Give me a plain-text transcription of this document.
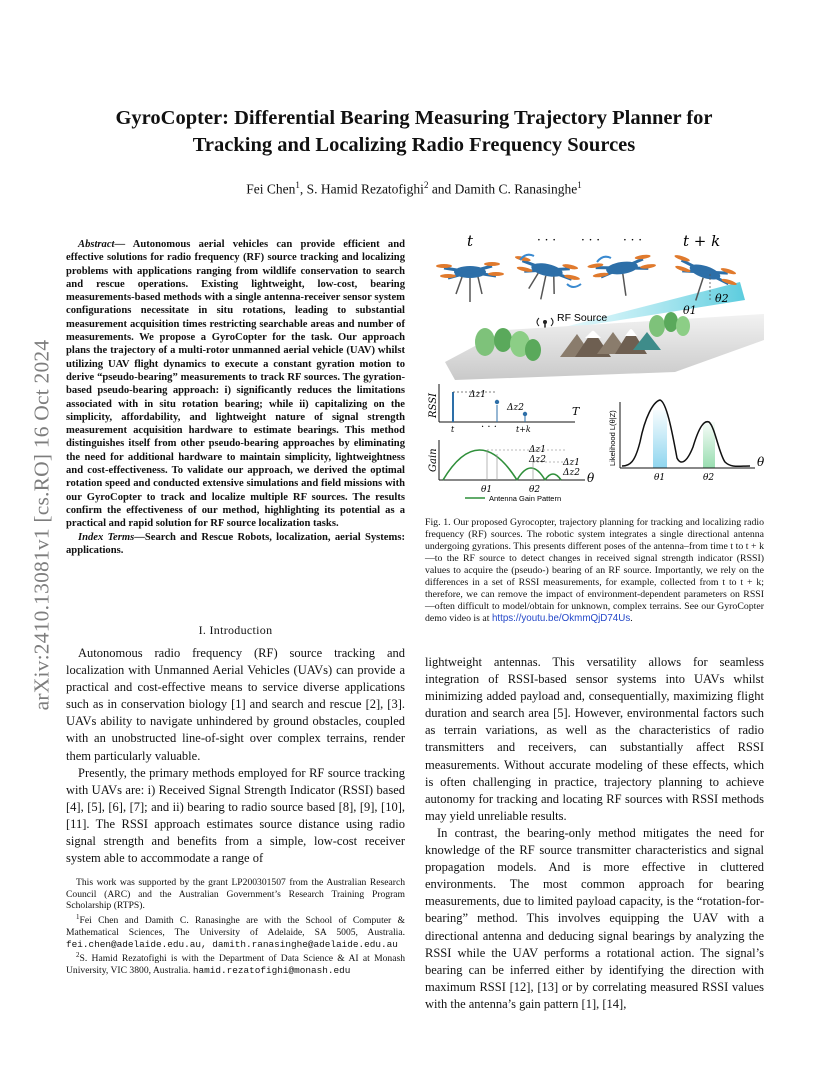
arXiv:2410.13081v1 [cs.RO] 16 Oct 2024
GyroCopter: Differential Bearing Measuring Trajectory Planner for
Tracking and Localizing Radio Frequency Sources
Fei Chen$^1$, S. Hamid Rezatofighi$^2$ and Damith C. Ranasinghe$^1$

Abstract— Autonomous aerial vehicles can provide efficient and effective solutions for radio frequency (RF) source tracking and localizing problems with applications ranging from wildlife conservation to search and rescue operations. Existing lightweight, low-cost, bearing measurements-based methods with a single antenna-receiver sensor system configurations necessitate in situ rotations, leading to substantial measurement acquisition times restricting searchable areas and number of measurements. We propose a GyroCopter for the task. Our approach plans the trajectory of a multi-rotor unmanned aerial vehicle (UAV) whilst utilizing UAV flight dynamics to execute a constant gyration motion to derive “pseudo-bearing” measurements to track RF sources. The gyration-based pseudo-bearing approach: i) significantly reduces the limitations associated with in situ rotation bearing; while ii) capitalizing on the simplicity, affordability, and lightweight nature of signal strength measurement acquisition hardware to estimate bearings. This method distinguishes itself from other pseudo-bearing approaches by eliminating the need for additional hardware to maintain simplicity, lightweightness and cost-effectiveness. To validate our approach, we derived the optimal rotation speed and conducted extensive simulations and field missions with our GyroCopter to track and localize multiple RF sources. The results confirm the effectiveness of our method, highlighting its potential as a practical and rapid solution for RF source localization tasks.

Index Terms—Search and Rescue Robots, localization, aerial Systems: applications.

I. Introduction

Autonomous radio frequency (RF) source tracking and localization with Unmanned Aerial Vehicles (UAVs) can provide a practical and cost-effective means to service diverse applications such as in conservation biology [1] and search and rescue [2], [3]. UAVs ability to navigate unhindered by ground obstacles, coupled with an unobstructed line-of-sight over complex terrains, render them particularly valuable.

Presently, the primary methods employed for RF source tracking with UAVs are: i) Received Signal Strength Indicator (RSSI) based [4], [5], [6], [7]; and ii) bearing to radio source based [8], [9], [10], [11]. The RSSI approach estimates source distance using radio signal strength and benefits from a simple, low-cost receiver system able to accommodate a range of

This work was supported by the grant LP200301507 from the Australian Research Council (ARC) and the Australian Government’s Research Training Program Scholarship (RTPS).

$^1$Fei Chen and Damith C. Ranasinghe are with the School of Computer & Mathematical Sciences, The University of Adelaide, SA 5005, Australia. fei.chen@adelaide.edu.au, damith.ranasinghe@adelaide.edu.au

$^2$S. Hamid Rezatofighi is with the Department of Data Science & AI at Monash University, VIC 3800, Australia. hamid.rezatofighi@monash.edu

t	· · · · · · · · ·	t + k
θ1
θ2
RF Source
RSSI	T
Δz1
Δz2
t	· · · t+k
Gain	Δz1
Δz2 Δz1
Δz2 θ
θ1	θ2
Antenna Gain Pattern
Likelihood L(θ|Z)	θ
θ1	θ2
Fig. 1. Our proposed Gyrocopter, trajectory planning for tracking and localizing radio frequency (RF) sources. The robotic system integrates a single directional antenna undergoing gyrations. This presents different poses of the antenna–from time t to t + k—to the RF source to detect changes in received signal strength indicator (RSSI) values to acquire the (pseudo-) bearing of an RF source. Importantly, we rely on the differences in a set of RSSI measurements, for example, collected from t to t + k; therefore, we can remove the impact of environment-dependent parameters on RSSI—often difficult to model/obtain for unknown, complex terrains. See our GyroCopter demo video is at https://youtu.be/OkmmQjD74Us.

lightweight antennas. This versatility allows for seamless integration of RSSI-based sensor systems into UAVs whilst minimizing added payload and, consequentially, maximizing flight duration and search area [5]. However, environmental factors such as terrain variations, as well as the characteristics of radio transmitters and receivers, can substantially affect RSSI measurements. Without accurate modeling of these effects, which is often challenging in practice, trajectory planning to achieve autonomy for tracking and locating RF sources with RSSI methods may yield unreliable results.

In contrast, the bearing-only method mitigates the need for knowledge of the RF source transmitter characteristics and signal propagation models. And is more effective in cluttered environments. The most common approach for bearing measurements, due to limited payload capacity, is the “rotation-for-bearing” method. This involves equipping the UAV with a directional antenna and deducing signal bearings by analyzing the RSSI while the UAV performs a rotational action. The signal’s bearing can be inferred either by identifying the direction with maximum RSSI [12], [13] or by correlating measured RSSI values with the antenna’s gain pattern [1], [14],
